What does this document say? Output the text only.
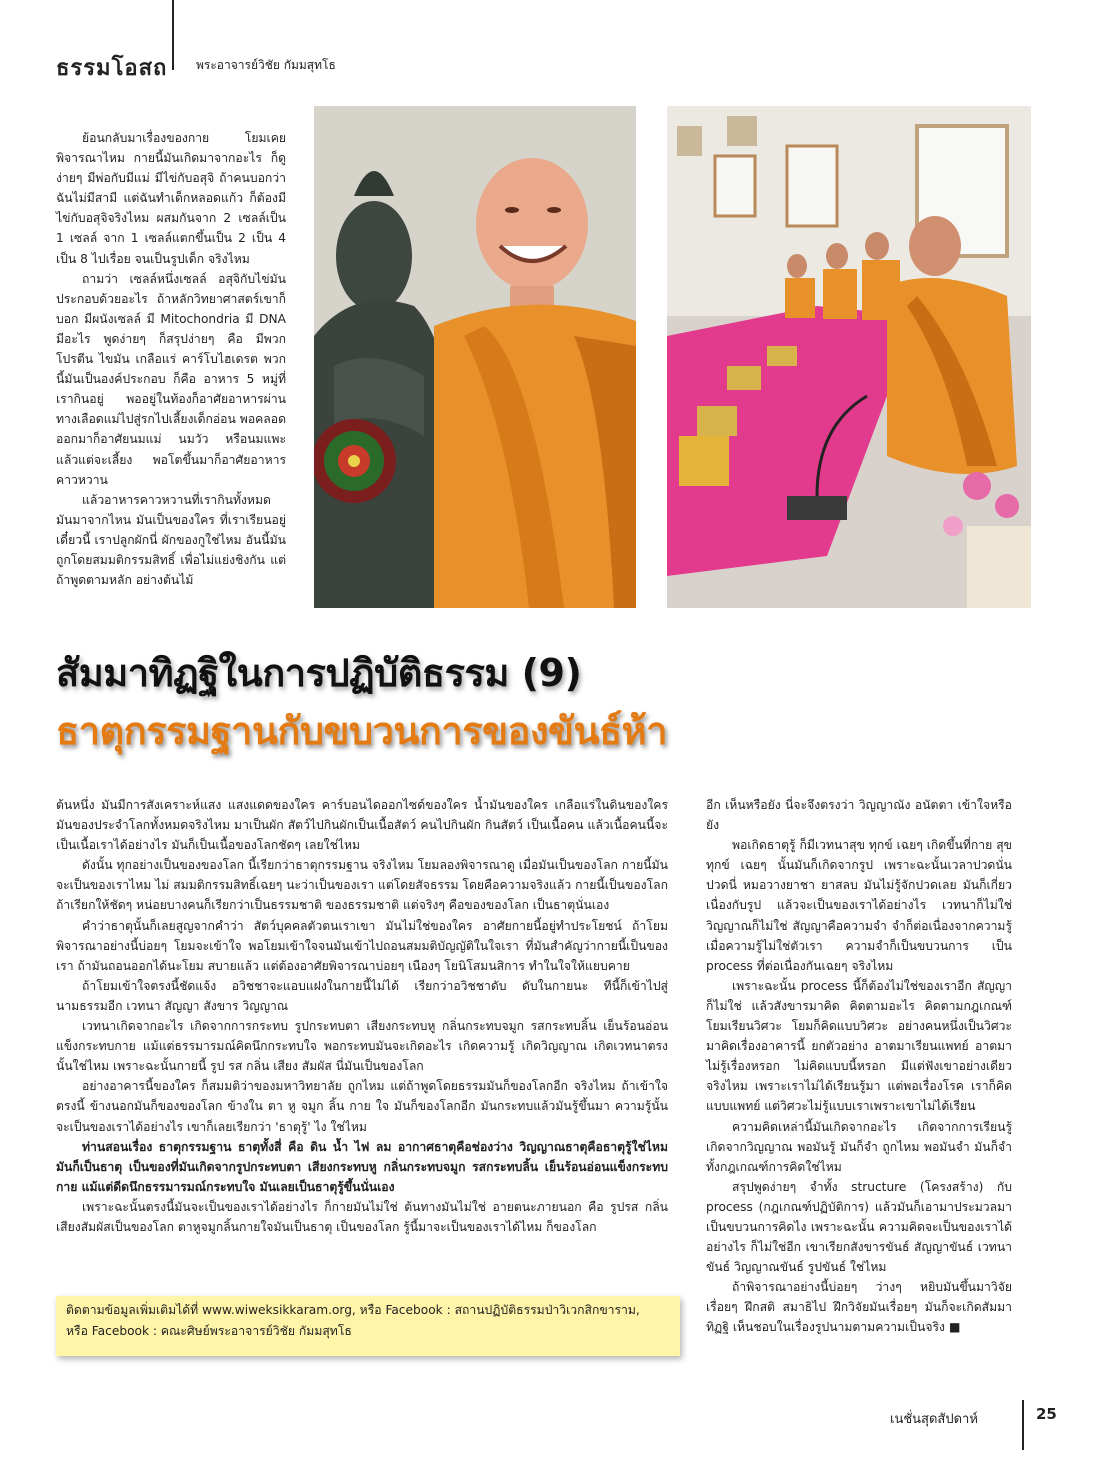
ธรรมโอสถ พระอาจารย์วิชัย กัมมสุทโธ

ย้อนกลับมาเรื่องของกาย โยมเคยพิจารณาไหม กายนี้มันเกิดมาจากอะไร ก็ดูง่ายๆ มีพ่อกับมีแม่ มีไข่กับอสุจิ ถ้าคนบอกว่าฉันไม่มีสามี แต่ฉันทำเด็กหลอดแก้ว ก็ต้องมีไข่กับอสุจิจริงไหม ผสมกันจาก 2 เซลล์เป็น 1 เซลล์ จาก 1 เซลล์แตกขึ้นเป็น 2 เป็น 4 เป็น 8 ไปเรื่อย จนเป็นรูปเด็ก จริงไหม

ถามว่า เซลล์หนึ่งเซลล์ อสุจิกับไข่มันประกอบด้วยอะไร ถ้าหลักวิทยาศาสตร์เขาก็บอก มีผนังเซลล์ มี Mitochondria มี DNA มีอะไร พูดง่ายๆ ก็สรุปง่ายๆ คือ มีพวกโปรตีน ไขมัน เกลือแร่ คาร์โบไฮเดรต พวกนี้มันเป็นองค์ประกอบ ก็คือ อาหาร 5 หมู่ที่เรากินอยู่ พออยู่ในท้องก็อาศัยอาหารผ่านทางเลือดแม่ไปสู่รกไปเลี้ยงเด็กอ่อน พอคลอดออกมาก็อาศัยนมแม่ นมวัว หรือนมแพะ แล้วแต่จะเลี้ยง พอโตขึ้นมาก็อาศัยอาหารคาวหวาน

แล้วอาหารคาวหวานที่เรากินทั้งหมด มันมาจากไหน มันเป็นของใคร ที่เราเรียนอยู่เดี๋ยวนี้ เราปลูกผักนี่ ผักของกูใช่ไหม อันนี้มันถูกโดยสมมติกรรมสิทธิ์ เพื่อไม่แย่งชิงกัน แต่ถ้าพูดตามหลัก อย่างต้นไม้

สัมมาทิฏฐิในการปฏิบัติธรรม (9)
ธาตุกรรมฐานกับขบวนการของขันธ์ห้า

ต้นหนึ่ง มันมีการสังเคราะห์แสง แสงแดดของใคร คาร์บอนไดออกไซด์ของใคร น้ำมันของใคร เกลือแร่ในดินของใคร มันของประจำโลกทั้งหมดจริงไหม มาเป็นผัก สัตว์ไปกินผักเป็นเนื้อสัตว์ คนไปกินผัก กินสัตว์ เป็นเนื้อคน แล้วเนื้อคนนี้จะเป็นเนื้อเราได้อย่างไร มันก็เป็นเนื้อของโลกชัดๆ เลยใช่ไหม

ดังนั้น ทุกอย่างเป็นของของโลก นี้เรียกว่าธาตุกรรมฐาน จริงไหม โยมลองพิจารณาดู เมื่อมันเป็นของโลก กายนี้มันจะเป็นของเราไหม ไม่ สมมติกรรมสิทธิ์เฉยๆ นะว่าเป็นของเรา แต่โดยสัจธรรม โดยคือความจริงแล้ว กายนี้เป็นของโลก ถ้าเรียกให้ชัดๆ หน่อยบางคนก็เรียกว่าเป็นธรรมชาติ ของธรรมชาติ แต่จริงๆ คือของของโลก เป็นธาตุนั่นเอง

คำว่าธาตุนั้นก็เลยสูญจากคำว่า สัตว์บุคคลตัวตนเราเขา มันไม่ใช่ของใคร อาศัยกายนี้อยู่ทำประโยชน์ ถ้าโยมพิจารณาอย่างนี้บ่อยๆ โยมจะเข้าใจ พอโยมเข้าใจจนมันเข้าไปถอนสมมติบัญญัติในใจเรา ที่มันสำคัญว่ากายนี้เป็นของเรา ถ้ามันถอนออกได้นะโยม สบายแล้ว แต่ต้องอาศัยพิจารณาบ่อยๆ เนืองๆ โยนิโสมนสิการ ทำในใจให้แยบคาย

ถ้าโยมเข้าใจตรงนี้ชัดแจ้ง อวิชชาจะแอบแฝงในกายนี้ไม่ได้ เรียกว่าอวิชชาดับ ดับในกายนะ ทีนี้ก็เข้าไปสู่นามธรรมอีก เวทนา สัญญา สังขาร วิญญาณ

เวทนาเกิดจากอะไร เกิดจากการกระทบ รูปกระทบตา เสียงกระทบหู กลิ่นกระทบจมูก รสกระทบลิ้น เย็นร้อนอ่อนแข็งกระทบกาย แม้แต่ธรรมารมณ์คิดนึกกระทบใจ พอกระทบมันจะเกิดอะไร เกิดความรู้ เกิดวิญญาณ เกิดเวทนาตรงนั้นใช่ไหม เพราะฉะนั้นกายนี้ รูป รส กลิ่น เสียง สัมผัส นี่มันเป็นของโลก

อย่างอาคารนี้ของใคร ก็สมมติว่าของมหาวิทยาลัย ถูกไหม แต่ถ้าพูดโดยธรรมมันก็ของโลกอีก จริงไหม ถ้าเข้าใจตรงนี้ ข้างนอกมันก็ของของโลก ข้างใน ตา หู จมูก ลิ้น กาย ใจ มันก็ของโลกอีก มันกระทบแล้วมันรู้ขึ้นมา ความรู้นั้นจะเป็นของเราได้อย่างไร เขาก็เลยเรียกว่า 'ธาตุรู้' ไง ใช่ไหม

ท่านสอนเรื่อง ธาตุกรรมฐาน ธาตุทั้งสี่ คือ ดิน น้ำ ไฟ ลม อากาศธาตุคือช่องว่าง วิญญาณธาตุคือธาตุรู้ใช่ไหม มันก็เป็นธาตุ เป็นของที่มันเกิดจากรูปกระทบตา เสียงกระทบหู กลิ่นกระทบจมูก รสกระทบลิ้น เย็นร้อนอ่อนแข็งกระทบกาย แม้แต่ดีดนึกธรรมารมณ์กระทบใจ มันเลยเป็นธาตุรู้ขึ้นนั่นเอง

เพราะฉะนั้นตรงนี้มันจะเป็นของเราได้อย่างไร ก็กายมันไม่ใช่ ต้นทางมันไม่ใช่ อายตนะภายนอก คือ รูปรส กลิ่นเสียงสัมผัสเป็นของโลก ตาหูจมูกลิ้นกายใจมันเป็นธาตุ เป็นของโลก รู้นี้มาจะเป็นของเราได้ไหม ก็ของโลก

อีก เห็นหรือยัง นี่จะจึงตรงว่า วิญญาณัง อนัตตา เข้าใจหรือยัง

พอเกิดธาตุรู้ ก็มีเวทนาสุข ทุกข์ เฉยๆ เกิดขึ้นที่กาย สุข ทุกข์ เฉยๆ นั้นมันก็เกิดจากรูป เพราะฉะนั้นเวลาปวดนั่นปวดนี่ หมอวางยาชา ยาสลบ มันไม่รู้จักปวดเลย มันก็เกี่ยวเนื่องกับรูป แล้วจะเป็นของเราได้อย่างไร เวทนาก็ไม่ใช่ วิญญาณก็ไม่ใช่ สัญญาคือความจำ จำก็ต่อเนื่องจากความรู้ เมื่อความรู้ไม่ใช่ตัวเรา ความจำก็เป็นขบวนการ เป็น process ที่ต่อเนื่องกันเฉยๆ จริงไหม

เพราะฉะนั้น process นี้ก็ต้องไม่ใช่ของเราอีก สัญญาก็ไม่ใช่ แล้วสังขารมาคิด คิดตามอะไร คิดตามกฎเกณฑ์ โยมเรียนวิศวะ โยมก็คิดแบบวิศวะ อย่างคนหนึ่งเป็นวิศวะมาคิดเรื่องอาคารนี้ ยกตัวอย่าง อาตมาเรียนแพทย์ อาตมาไม่รู้เรื่องหรอก ไม่คิดแบบนี้หรอก มีแต่ฟังเขาอย่างเดียว จริงไหม เพราะเราไม่ได้เรียนรู้มา แต่พอเรื่องโรค เราก็คิดแบบแพทย์ แต่วิศวะไม่รู้แบบเราเพราะเขาไม่ได้เรียน

ความคิดเหล่านี้มันเกิดจากอะไร เกิดจากการเรียนรู้ เกิดจากวิญญาณ พอมันรู้ มันก็จำ ถูกไหม พอมันจำ มันก็จำทั้งกฎเกณฑ์การคิดใช่ไหม

สรุปพูดง่ายๆ จำทั้ง structure (โครงสร้าง) กับ process (กฎเกณฑ์ปฏิบัติการ) แล้วมันก็เอามาประมวลมาเป็นขบวนการคิดไง เพราะฉะนั้น ความคิดจะเป็นของเราได้อย่างไร ก็ไม่ใช่อีก เขาเรียกสังขารขันธ์ สัญญาขันธ์ เวทนาขันธ์ วิญญาณขันธ์ รูปขันธ์ ใช่ไหม

ถ้าพิจารณาอย่างนี้บ่อยๆ ว่างๆ หยิบมันขึ้นมาวิจัยเรื่อยๆ ฝึกสติ สมาธิไป ฝึกวิจัยมันเรื่อยๆ มันก็จะเกิดสัมมาทิฏฐิ เห็นชอบในเรื่องรูปนามตามความเป็นจริง ■

ติดตามข้อมูลเพิ่มเติมได้ที่ www.wiweksikkaram.org, หรือ Facebook : สถานปฏิบัติธรรมป่าวิเวกสิกขาราม,
หรือ Facebook : คณะศิษย์พระอาจารย์วิชัย กัมมสุทโธ
เนชั่นสุดสัปดาห์	25
